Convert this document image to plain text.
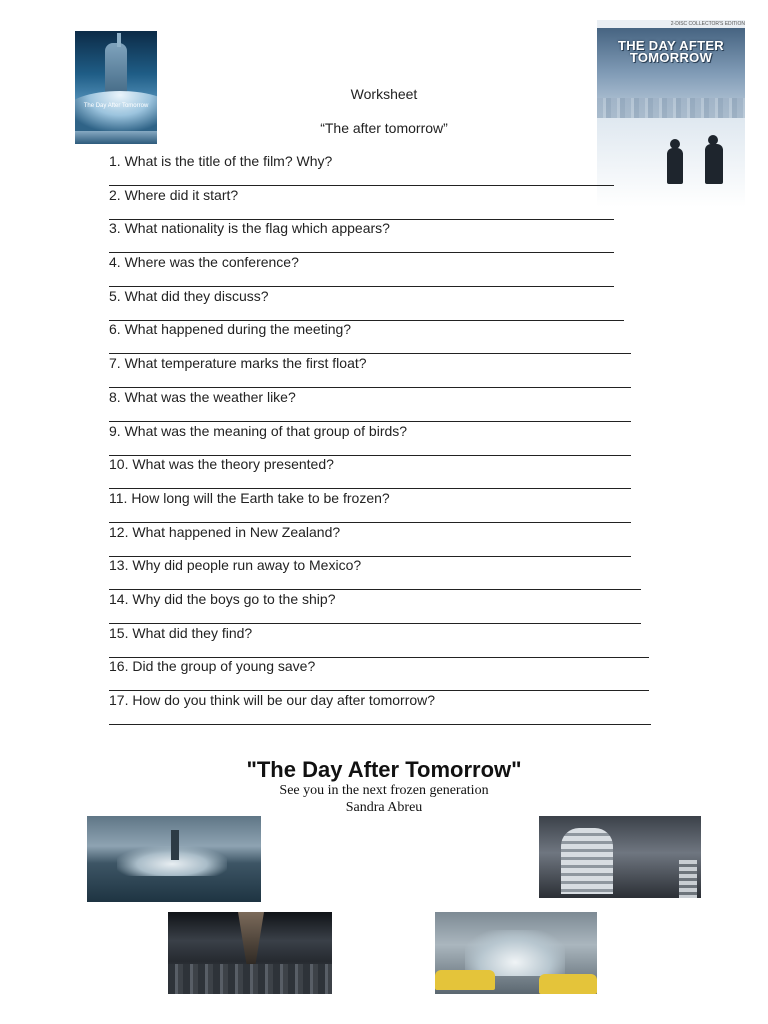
The Day After Tomorrow
2-DISC COLLECTOR'S EDITION
THE DAY AFTER TOMORROW
Worksheet
“The after tomorrow”
1. What is the title of the film? Why?
2. Where did it start?
3. What nationality is the flag which appears?
4. Where was the conference?
5. What did they discuss?
6. What happened during the meeting?
7. What temperature marks the first float?
8. What was the weather like?
9. What was the meaning of that group of birds?
10. What was the theory presented?
11. How long will the Earth take to be frozen?
12. What happened in New Zealand?
13. Why did people run away to Mexico?
14. Why did the boys go to the ship?
15. What did they find?
16. Did the group of young save?
17. How do you think will be our day after tomorrow?
"The Day After Tomorrow"
See you in the next frozen generation
Sandra Abreu
